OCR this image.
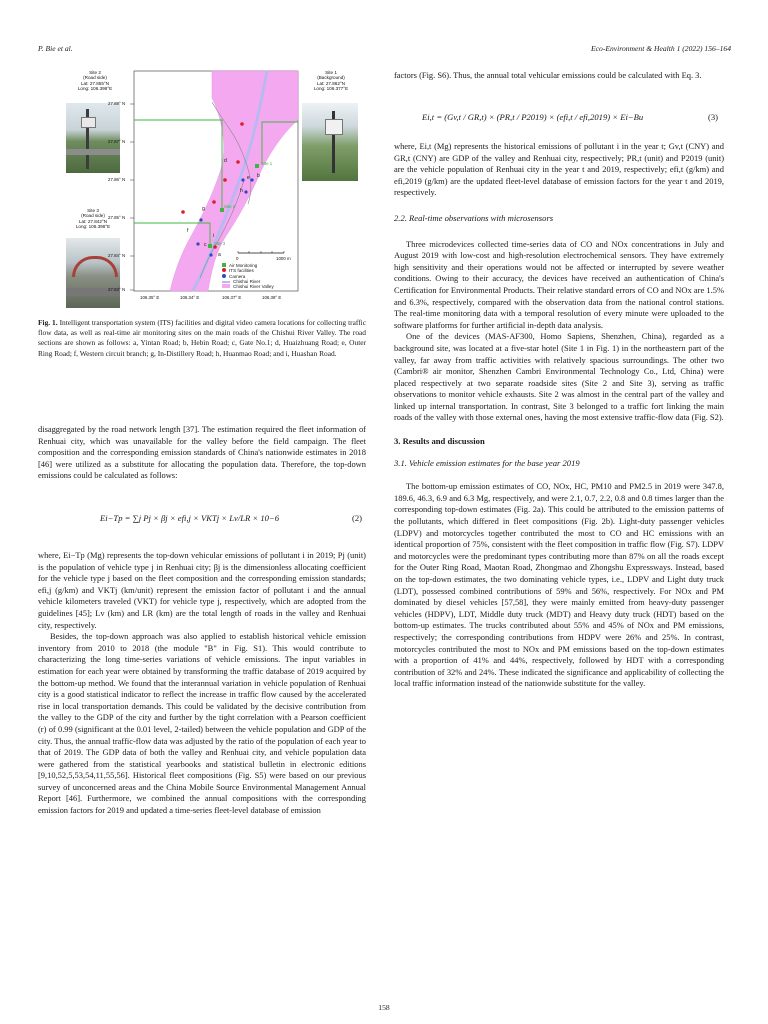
P. Bie et al.	Eco-Environment & Health 1 (2022) 156–164
Site 2
(Road side)
Lat: 27.855°N
Long: 106.398°E
Site 1
(Background)
Lat: 27.862°N
Long: 106.377°E
Site 3
(Road side)
Lat: 27.842°N
Long: 106.398°E
27.88° N
27.87° N
27.86° N
27.85° N
27.84° N
27.83° N
106.35° E	106.34° E	106.37° E	106.38° E
d
b
e
h
g
f
c
i
a
Site 1
Site 2
Site 3
0	1000 m
Air Monitoring
ITS facilities
Camera
Chishui River
Chishui River Valley
Fig. 1. Intelligent transportation system (ITS) facilities and digital video camera locations for collecting traffic flow data, as well as real-time air monitoring sites on the main roads of the Chishui River Valley. The road sections are shown as follows: a, Yintan Road; b, Hebin Road; c, Gate No.1; d, Huaizhuang Road; e, Outer Ring Road; f, Western circuit branch; g, In-Distillery Road; h, Huanmao Road; and i, Huashan Road.

disaggregated by the road network length [37]. The estimation required the fleet information of Renhuai city, which was unavailable for the valley before the field campaign. The fleet composition and the corresponding emission standards of China's nationwide estimates in 2018 [46] were utilized as a substitute for allocating the population data. Therefore, the top-down emissions could be calculated as follows:

Ei−Tp = ∑j Pj × βj × efi,j × VKTj × Lv/LR × 10−6	(2)

where, Ei−Tp (Mg) represents the top-down vehicular emissions of pollutant i in 2019; Pj (unit) is the population of vehicle type j in Renhuai city; βj is the dimensionless allocating coefficient for the vehicle type j based on the fleet composition and the corresponding emission standards; efi,j (g/km) and VKTj (km/unit) represent the emission factor of pollutant i and the annual vehicle kilometers traveled (VKT) for vehicle type j, respectively, which are adopted from the guidelines [45]; Lv (km) and LR (km) are the total length of roads in the valley and Renhuai city, respectively.

Besides, the top-down approach was also applied to establish historical vehicle emission inventory from 2010 to 2018 (the module "B" in Fig. S1). This would contribute to characterizing the long time-series variations of vehicle emissions. The input variables in estimation for each year were obtained by transforming the traffic database of 2019 acquired by the bottom-up method. We found that the interannual variation in vehicle population of Renhuai city is a good statistical indicator to reflect the increase in traffic flow caused by the accelerated rise in local transportation demands. This could be validated by the decisive contribution from the valley to the GDP of the city and further by the tight correlation with a Pearson coefficient (r) of 0.99 (significant at the 0.01 level, 2-tailed) between the vehicle population and GDP of the city. Thus, the annual traffic-flow data was adjusted by the ratio of the population of each year to that of 2019. The GDP data of both the valley and Renhuai city, and vehicle population data were gathered from the statistical yearbooks and statistical bulletin in electronic editions [9,10,52,5,53,54,11,55,56]. Historical fleet compositions (Fig. S5) were based on our previous survey of unconcerned areas and the China Mobile Source Environmental Management Annual Report [46]. Furthermore, we combined the annual compositions with the corresponding emission factors for 2019 and updated a time-series fleet-level database of emission

factors (Fig. S6). Thus, the annual total vehicular emissions could be calculated with Eq. 3.

Ei,t = (Gv,t / GR,t) × (PR,t / P2019) × (efi,t / efi,2019) × Ei−Bu	(3)

where, Ei,t (Mg) represents the historical emissions of pollutant i in the year t; Gv,t (CNY) and GR,t (CNY) are GDP of the valley and Renhuai city, respectively; PR,t (unit) and P2019 (unit) are the vehicle population of Renhuai city in the year t and 2019, respectively; efi,t (g/km) and efi,2019 (g/km) are the updated fleet-level database of emission factors for the year t and 2019, respectively.

2.2. Real-time observations with microsensors

Three microdevices collected time-series data of CO and NOx concentrations in July and August 2019 with low-cost and high-resolution electrochemical sensors. They have extremely high sensitivity and their operations would not be affected or interrupted by severe weather conditions. Owing to their accuracy, the devices have received an authentication of China's Certification for Environmental Products. Their relative standard errors of CO and NOx are 1.5% and 6.3%, respectively, compared with the observation data from the national control stations. The real-time monitoring data with a temporal resolution of every minute were uploaded to the software platforms for further artificial in-depth data analysis.

One of the devices (MAS-AF300, Homo Sapiens, Shenzhen, China), regarded as a background site, was located at a five-star hotel (Site 1 in Fig. 1) in the northeastern part of the valley, far away from traffic activities with relatively spacious surroundings. The other two (Cambri® air monitor, Shenzhen Cambri Environmental Technology Co., Ltd, China) were placed respectively at two separate roadside sites (Site 2 and Site 3), serving as traffic observations to monitor vehicle exhausts. Site 2 was almost in the central part of the valley and linked up internal transportation. In contrast, Site 3 belonged to a traffic fort linking the main roads of the valley with those external ones, having the most extensive traffic-flow data (Fig. S2).

3. Results and discussion

3.1. Vehicle emission estimates for the base year 2019

The bottom-up emission estimates of CO, NOx, HC, PM10 and PM2.5 in 2019 were 347.8, 189.6, 46.3, 6.9 and 6.3 Mg, respectively, and were 2.1, 0.7, 2.2, 0.8 and 0.8 times larger than the corresponding top-down estimates (Fig. 2a). This could be attributed to the emission patterns of the pollutants, which differed in fleet compositions (Fig. 2b). Light-duty passenger vehicles (LDPV) and motorcycles together contributed the most to CO and HC emissions with an identical proportion of 75%, consistent with the fleet composition in traffic flow (Fig. S7). LDPV and motorcycles were the predominant types contributing more than 87% on all the roads except for the Outer Ring Road, Maotan Road, Zhongmao and Zhongshu Expressways. Instead, based on the top-down estimates, the two dominating vehicle types, i.e., LDPV and Light duty truck (LDT), possessed combined contributions of 59% and 56%, respectively. For NOx and PM dominated by diesel vehicles [57,58], they were mainly emitted from heavy-duty passenger vehicles (HDPV), LDT, Middle duty truck (MDT) and Heavy duty truck (HDT) based on the bottom-up estimates. The trucks contributed about 55% and 45% of NOx and PM emissions, respectively; the corresponding contributions from HDPV were 26% and 25%. In contrast, motorcycles contributed the most to NOx and PM emissions based on the top-down estimates with a proportion of 41% and 44%, respectively, followed by HDT with a corresponding contribution of 32% and 24%. These indicated the significance and applicability of collecting the local traffic information instead of the nationwide substitute for the valley.

158
